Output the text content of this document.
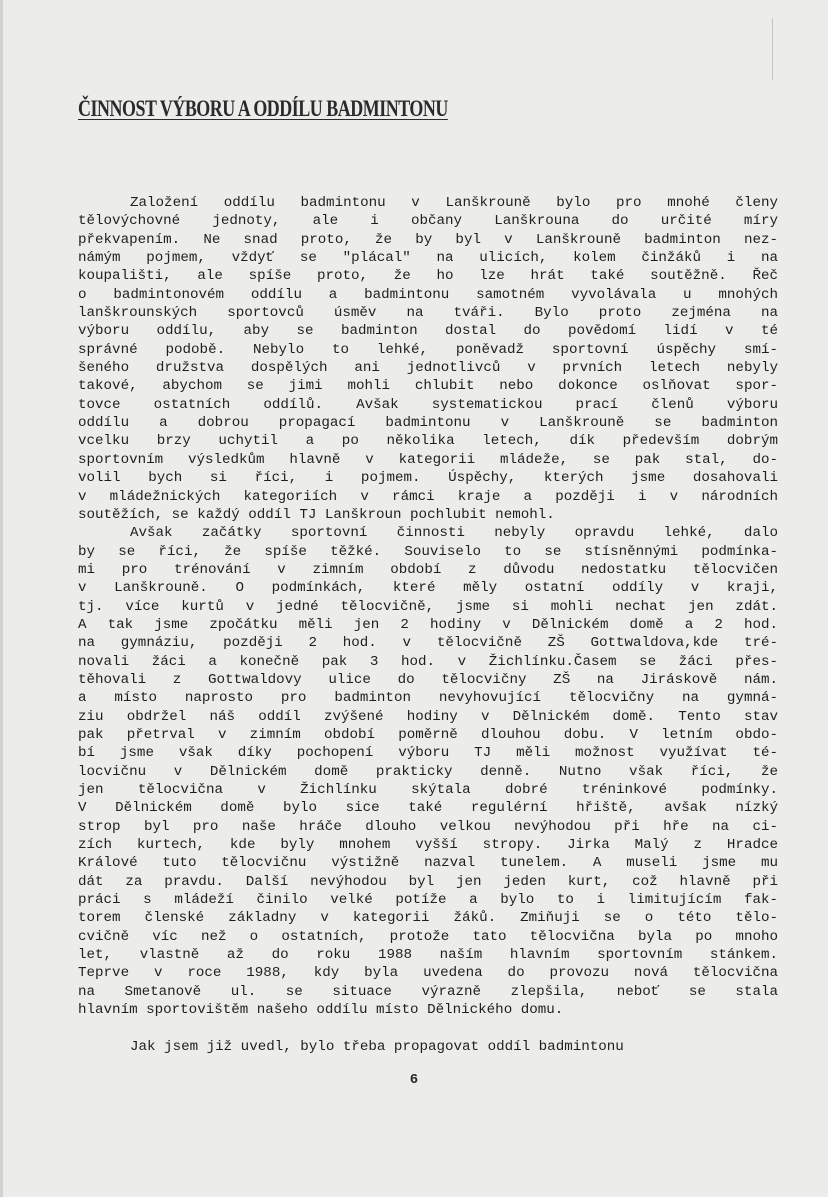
ČINNOST VÝBORU A ODDÍLU BADMINTONU
Založení oddílu badmintonu v Lanškrouně bylo pro mnohé členy
tělovýchovné jednoty, ale i občany Lanškrouna do určité míry
překvapením. Ne snad proto, že by byl v Lanškrouně badminton nez-
námým pojmem, vždyť se "plácal" na ulicích, kolem činžáků i na
koupališti, ale spíše proto, že ho lze hrát také soutěžně. Řeč
o badmintonovém oddílu a badmintonu samotném vyvolávala u mnohých
lanškrounských sportovců úsměv na tváři. Bylo proto zejména na
výboru oddílu, aby se badminton dostal do povědomí lidí v té
správné podobě. Nebylo to lehké, poněvadž sportovní úspěchy smí-
šeného družstva dospělých ani jednotlivců v prvních letech nebyly
takové, abychom se jimi mohli chlubit nebo dokonce oslňovat spor-
tovce ostatních oddílů. Avšak systematickou prací členů výboru
oddílu a dobrou propagací badmintonu v Lanškrouně se badminton
vcelku brzy uchytil a po několika letech, dík především dobrým
sportovním výsledkům hlavně v kategorii mládeže, se pak stal, do-
volil bych si říci, i pojmem. Úspěchy, kterých jsme dosahovali
v mládežnických kategoriích v rámci kraje a později i v národních
soutěžích, se každý oddíl TJ Lanškroun pochlubit nemohl.
Avšak začátky sportovní činnosti nebyly opravdu lehké, dalo
by se říci, že spíše těžké. Souviselo to se stísněnnými podmínka-
mi pro trénování v zimním období z důvodu nedostatku tělocvičen
v Lanškrouně. O podmínkách, které měly ostatní oddíly v kraji,
tj. více kurtů v jedné tělocvičně, jsme si mohli nechat jen zdát.
A tak jsme zpočátku měli jen 2 hodiny v Dělnickém domě a 2 hod.
na gymnáziu, později 2 hod. v tělocvičně ZŠ Gottwaldova,kde tré-
novali žáci a konečně pak 3 hod. v Žichlínku.Časem se žáci přes-
těhovali z Gottwaldovy ulice do tělocvičny ZŠ na Jiráskově nám.
a místo naprosto pro badminton nevyhovující tělocvičny na gymná-
ziu obdržel náš oddíl zvýšené hodiny v Dělnickém domě. Tento stav
pak přetrval v zimním období poměrně dlouhou dobu. V letním obdo-
bí jsme však díky pochopení výboru TJ měli možnost využívat té-
locvičnu v Dělnickém domě prakticky denně. Nutno však říci, že
jen tělocvična v Žichlínku skýtala dobré tréninkové podmínky.
V Dělnickém domě bylo sice také regulérní hřiště, avšak nízký
strop byl pro naše hráče dlouho velkou nevýhodou při hře na ci-
zích kurtech, kde byly mnohem vyšší stropy. Jirka Malý z Hradce
Králové tuto tělocvičnu výstižně nazval tunelem. A museli jsme mu
dát za pravdu. Další nevýhodou byl jen jeden kurt, což hlavně při
práci s mládeží činilo velké potíže a bylo to i limitujícím fak-
torem členské základny v kategorii žáků. Zmiňuji se o této tělo-
cvičně víc než o ostatních, protože tato tělocvična byla po mnoho
let, vlastně až do roku 1988 naším hlavním sportovním stánkem.
Teprve v roce 1988, kdy byla uvedena do provozu nová tělocvična
na Smetanově ul. se situace výrazně zlepšila, neboť se stala
hlavním sportovištěm našeho oddílu místo Dělnického domu.
Jak jsem již uvedl, bylo třeba propagovat oddíl badmintonu
6
